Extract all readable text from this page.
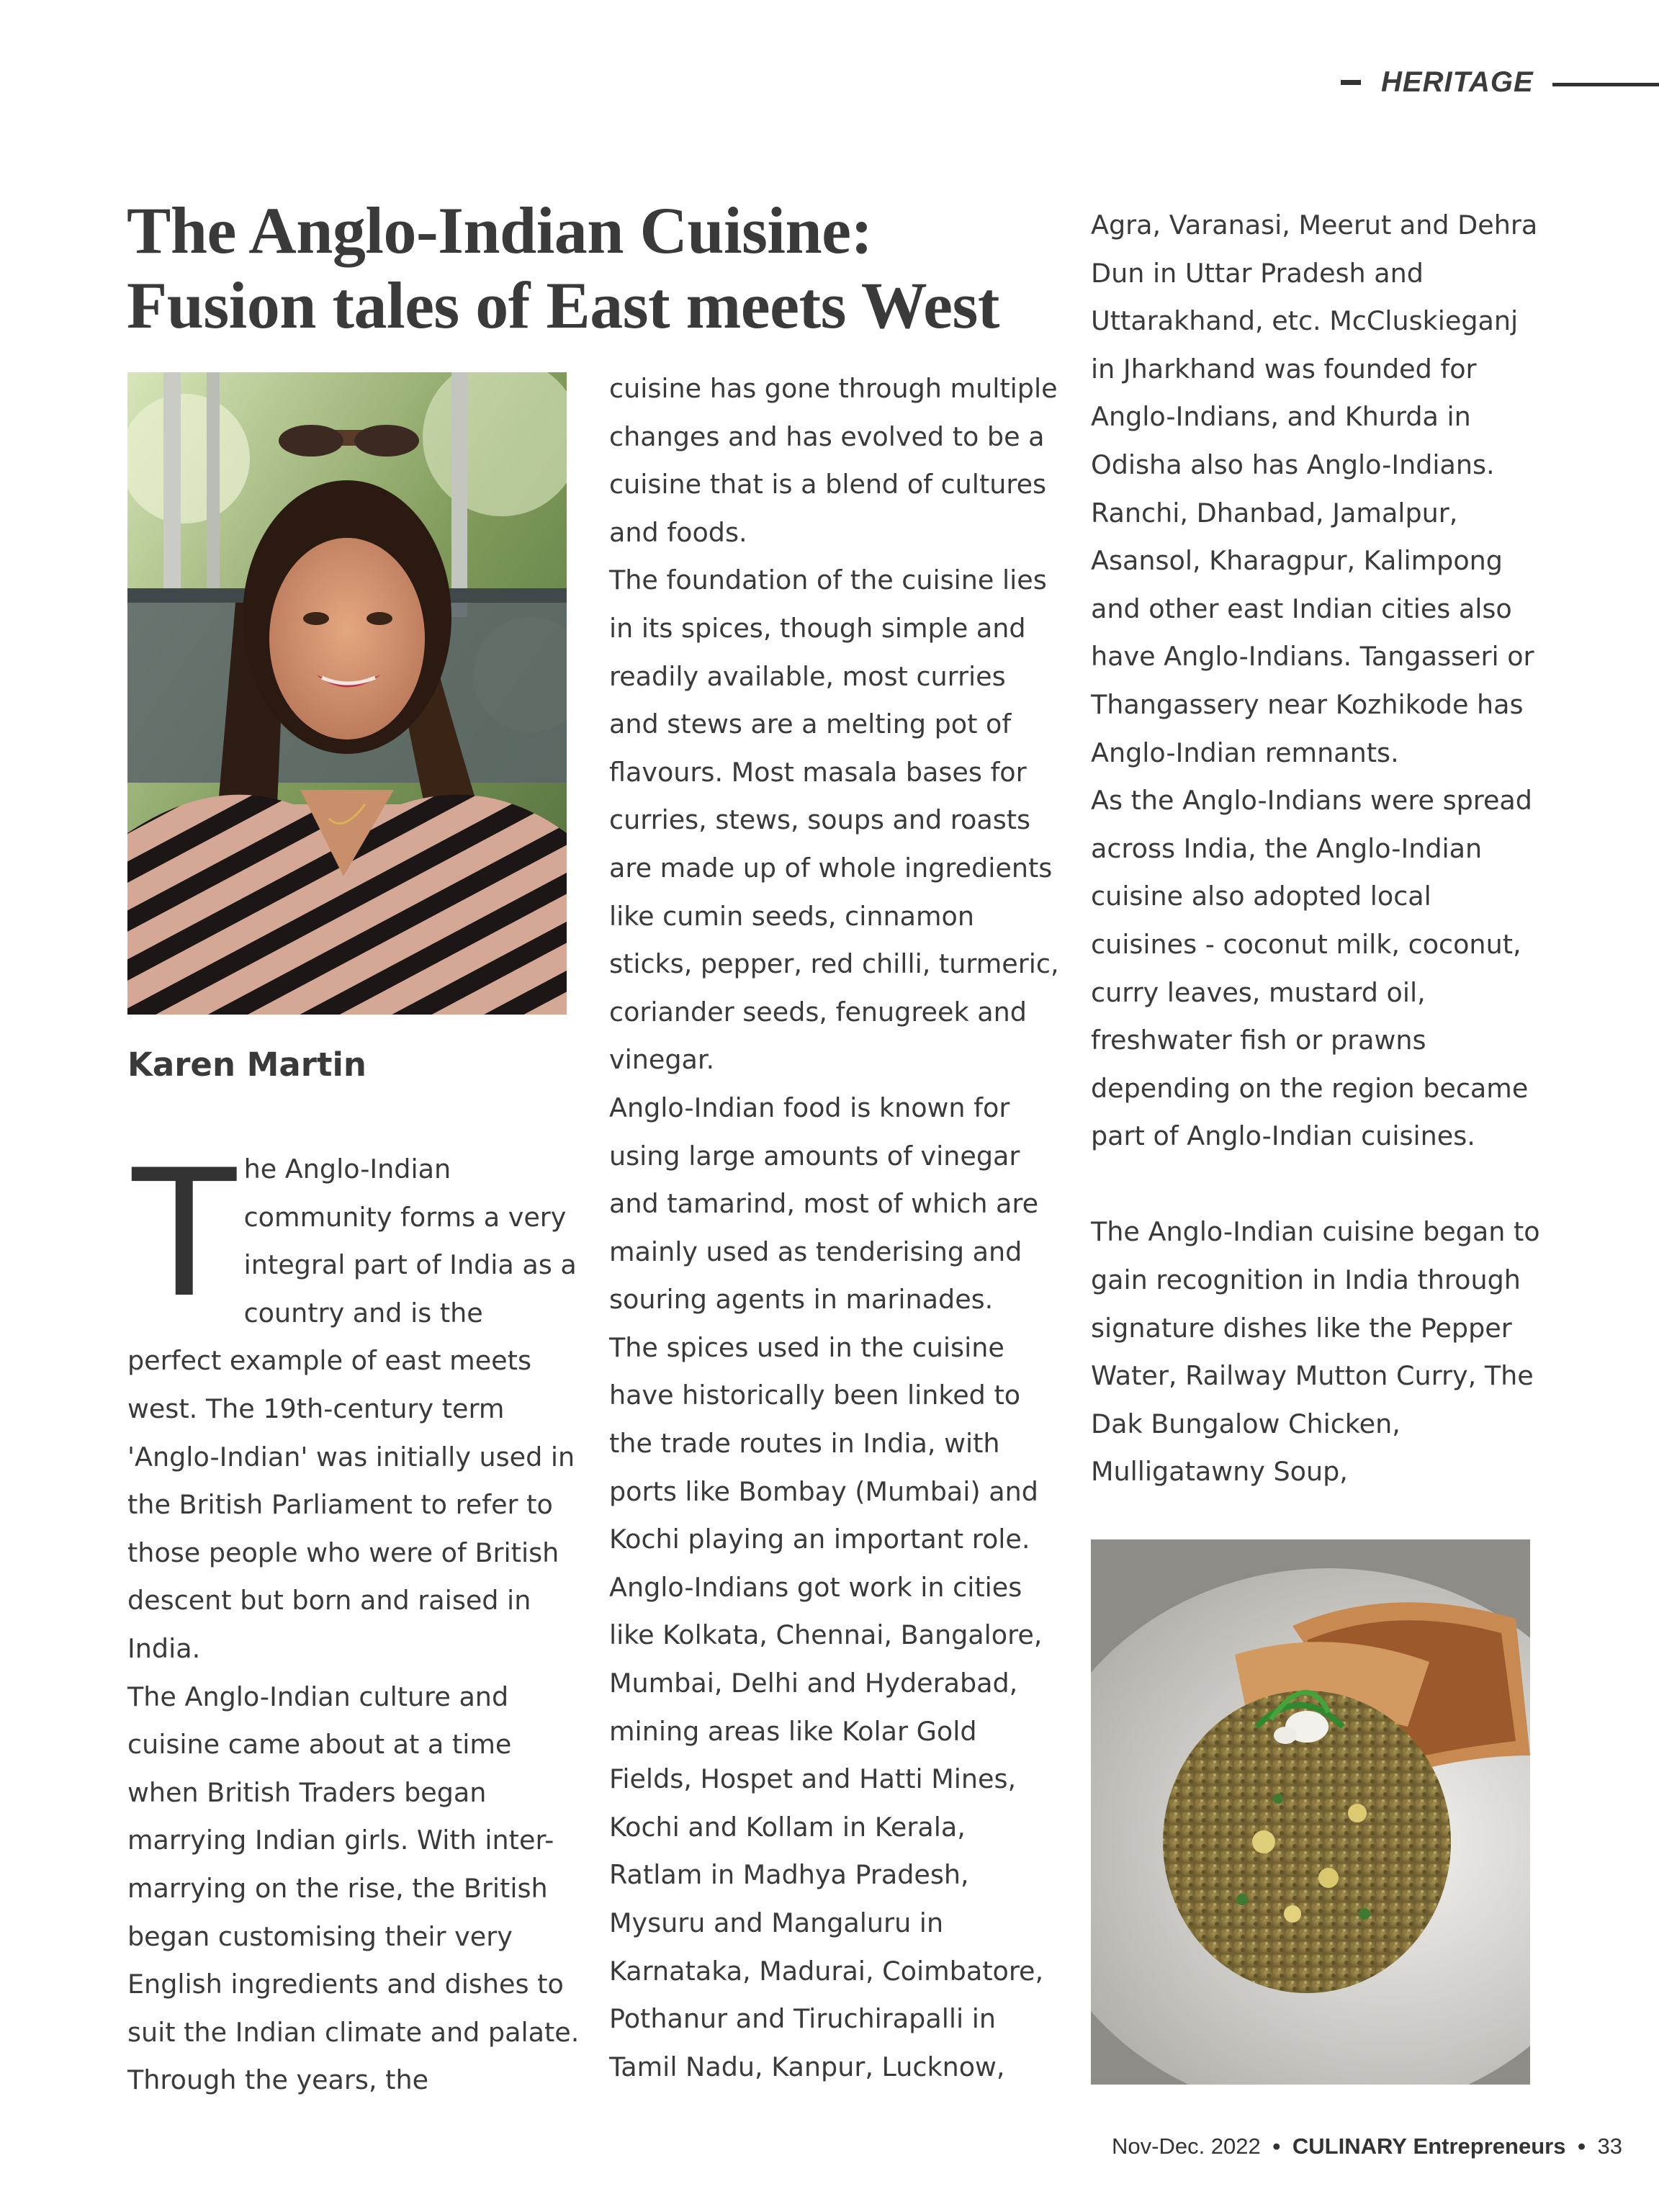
HERITAGE
The Anglo-Indian Cuisine:
Fusion tales of East meets West
Karen Martin

The Anglo-Indian community forms a very integral part of India as a country and is the perfect example of east meets west. The 19th-century term 'Anglo-Indian' was initially used in the British Parliament to refer to those people who were of British descent but born and raised in India.

The Anglo-Indian culture and cuisine came about at a time when British Traders began marrying Indian girls. With inter-marrying on the rise, the British began customising their very English ingredients and dishes to suit the Indian climate and palate. Through the years, the

cuisine has gone through multiple changes and has evolved to be a cuisine that is a blend of cultures and foods.

The foundation of the cuisine lies in its spices, though simple and readily available, most curries and stews are a melting pot of flavours. Most masala bases for curries, stews, soups and roasts are made up of whole ingredients like cumin seeds, cinnamon sticks, pepper, red chilli, turmeric, coriander seeds, fenugreek and vinegar.

Anglo-Indian food is known for using large amounts of vinegar and tamarind, most of which are mainly used as tenderising and souring agents in marinades.

The spices used in the cuisine have historically been linked to the trade routes in India, with ports like Bombay (Mumbai) and Kochi playing an important role.

Anglo-Indians got work in cities like Kolkata, Chennai, Bangalore, Mumbai, Delhi and Hyderabad, mining areas like Kolar Gold Fields, Hospet and Hatti Mines, Kochi and Kollam in Kerala, Ratlam in Madhya Pradesh, Mysuru and Mangaluru in Karnataka, Madurai, Coimbatore, Pothanur and Tiruchirapalli in Tamil Nadu, Kanpur, Lucknow,

Agra, Varanasi, Meerut and Dehra Dun in Uttar Pradesh and Uttarakhand, etc. McCluskieganj in Jharkhand was founded for Anglo-Indians, and Khurda in Odisha also has Anglo-Indians. Ranchi, Dhanbad, Jamalpur, Asansol, Kharagpur, Kalimpong and other east Indian cities also have Anglo-Indians. Tangasseri or Thangassery near Kozhikode has Anglo-Indian remnants.

As the Anglo-Indians were spread across India, the Anglo-Indian cuisine also adopted local cuisines - coconut milk, coconut, curry leaves, mustard oil, freshwater fish or prawns depending on the region became part of Anglo-Indian cuisines.

The Anglo-Indian cuisine began to gain recognition in India through signature dishes like the Pepper Water, Railway Mutton Curry, The Dak Bungalow Chicken, Mulligatawny Soup,

Nov-Dec. 2022 • CULINARY Entrepreneurs • 33
